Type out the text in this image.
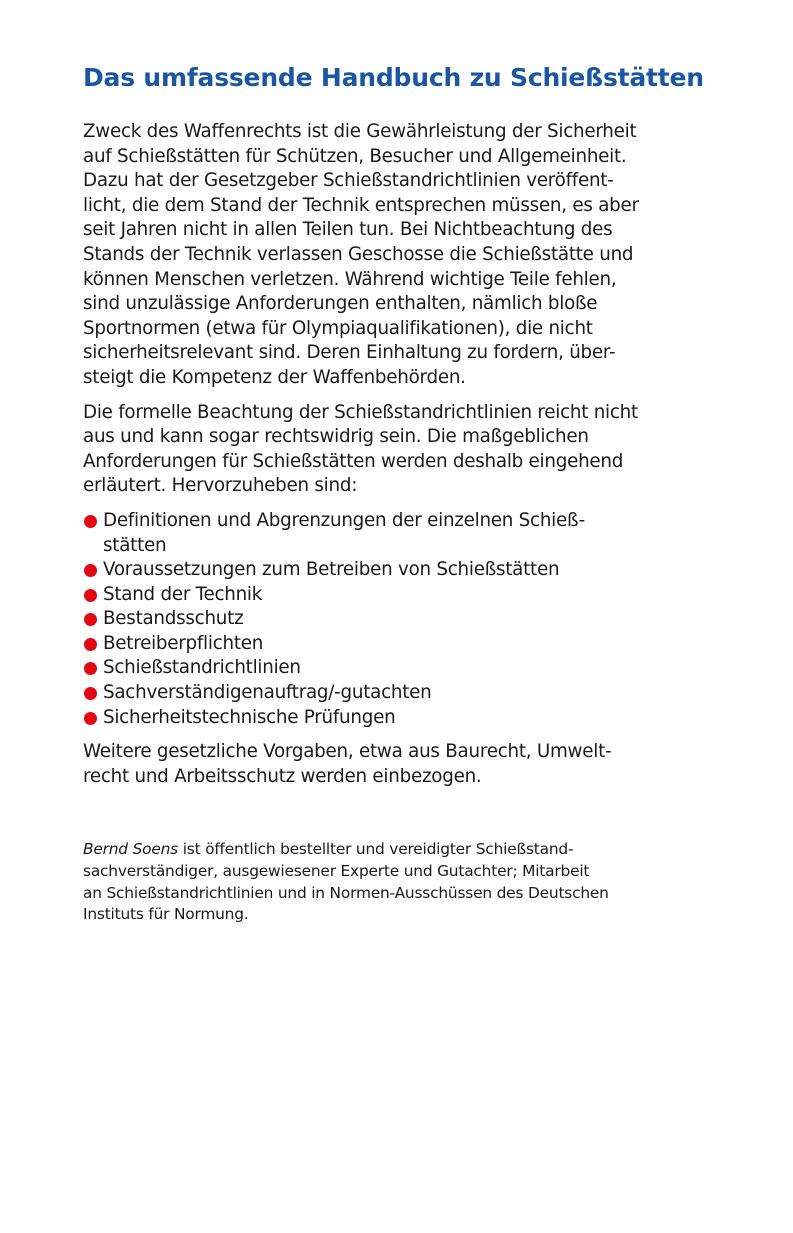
Das umfassende Handbuch zu Schießstätten

Zweck des Waffenrechts ist die Gewährleistung der Sicherheit
auf Schießstätten für Schützen, Besucher und Allgemeinheit.
Dazu hat der Gesetzgeber Schießstandrichtlinien veröffent-
licht, die dem Stand der Technik entsprechen müssen, es aber
seit Jahren nicht in allen Teilen tun. Bei Nichtbeachtung des
Stands der Technik verlassen Geschosse die Schießstätte und
können Menschen verletzen. Während wichtige Teile fehlen,
sind unzulässige Anforderungen enthalten, nämlich bloße
Sportnormen (etwa für Olympiaqualifikationen), die nicht
sicherheitsrelevant sind. Deren Einhaltung zu fordern, über-
steigt die Kompetenz der Waffenbehörden.

Die formelle Beachtung der Schießstandrichtlinien reicht nicht
aus und kann sogar rechtswidrig sein. Die maßgeblichen
Anforderungen für Schießstätten werden deshalb eingehend
erläutert. Hervorzuheben sind:

Definitionen und Abgrenzungen der einzelnen Schieß-
stätten
Voraussetzungen zum Betreiben von Schießstätten
Stand der Technik
Bestandsschutz
Betreiberpflichten
Schießstandrichtlinien
Sachverständigenauftrag/-gutachten
Sicherheitstechnische Prüfungen

Weitere gesetzliche Vorgaben, etwa aus Baurecht, Umwelt-
recht und Arbeitsschutz werden einbezogen.

Bernd Soens ist öffentlich bestellter und vereidigter Schießstand-
sachverständiger, ausgewiesener Experte und Gutachter; Mitarbeit
an Schießstandrichtlinien und in Normen-Ausschüssen des Deutschen
Instituts für Normung.
